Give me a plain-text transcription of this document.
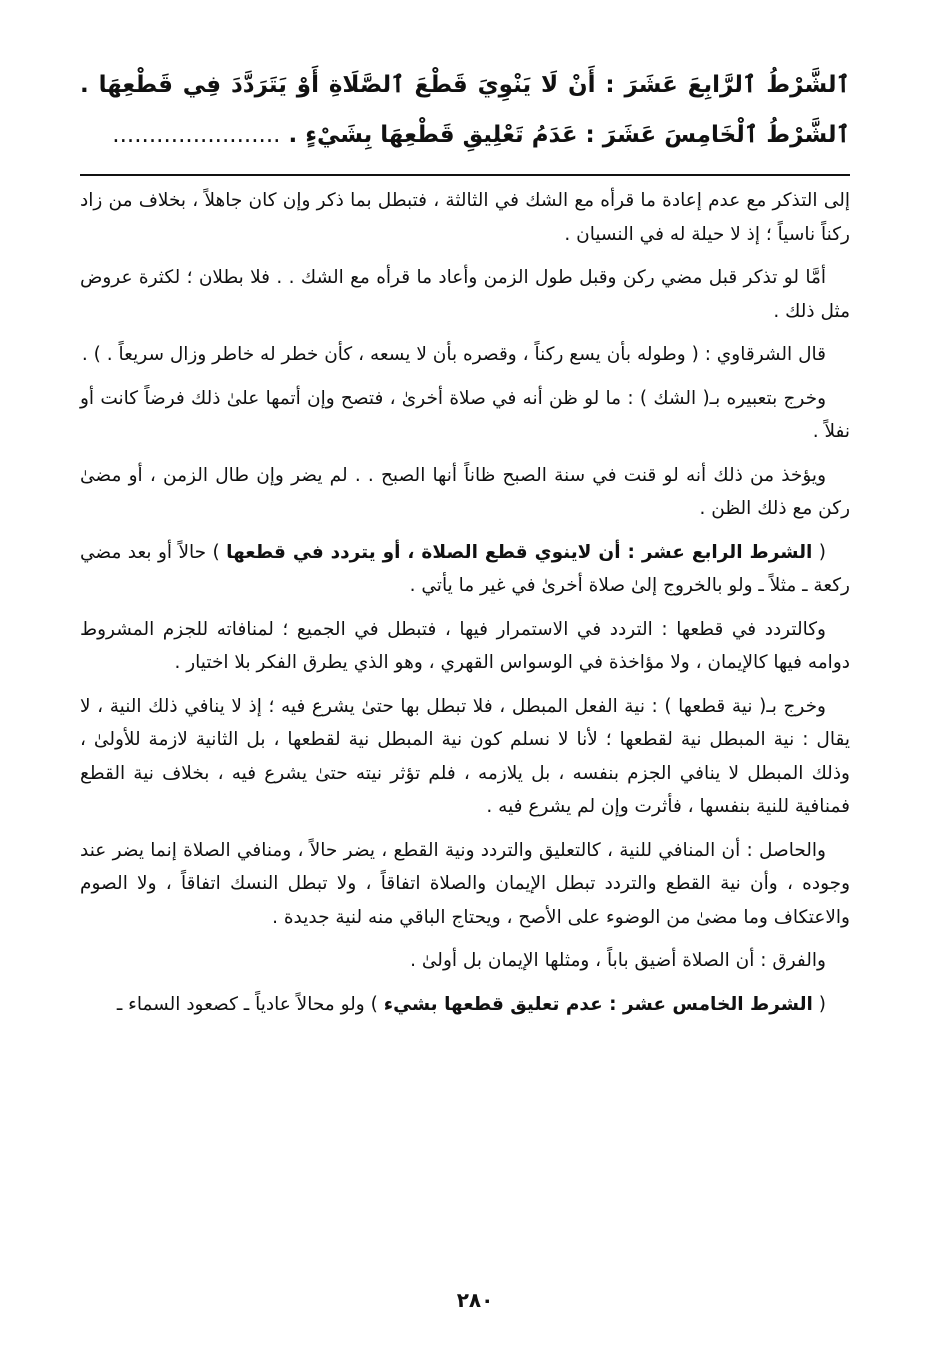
ٱلشَّرْطُ ٱلرَّابِعَ عَشَرَ : أَنْ لَا يَنْوِيَ قَطْعَ ٱلصَّلَاةِ أَوْ يَتَرَدَّدَ فِي قَطْعِهَا . ٱلشَّرْطُ ٱلْخَامِسَ عَشَرَ : عَدَمُ تَعْلِيقِ قَطْعِهَا بِشَيْءٍ . .......................

إلى التذكر مع عدم إعادة ما قرأه مع الشك في الثالثة ، فتبطل بما ذكر وإن كان جاهلاً ، بخلاف من زاد ركناً ناسياً ؛ إذ لا حيلة له في النسيان .

أمَّا لو تذكر قبل مضي ركن وقبل طول الزمن وأعاد ما قرأه مع الشك . . فلا بطلان ؛ لكثرة عروض مثل ذلك .

قال الشرقاوي : ( وطوله بأن يسع ركناً ، وقصره بأن لا يسعه ، كأن خطر له خاطر وزال سريعاً . ) .

وخرج بتعبيره بـ( الشك ) : ما لو ظن أنه في صلاة أخرىٰ ، فتصح وإن أتمها علىٰ ذلك فرضاً كانت أو نفلاً .

ويؤخذ من ذلك أنه لو قنت في سنة الصبح ظاناً أنها الصبح . . لم يضر وإن طال الزمن ، أو مضىٰ ركن مع ذلك الظن .

( الشرط الرابع عشر : أن لاينوي قطع الصلاة ، أو يتردد في قطعها ) حالاً أو بعد مضي ركعة ـ مثلاً ـ ولو بالخروج إلىٰ صلاة أخرىٰ في غير ما يأتي .

وكالتردد في قطعها : التردد في الاستمرار فيها ، فتبطل في الجميع ؛ لمنافاته للجزم المشروط دوامه فيها كالإيمان ، ولا مؤاخذة في الوسواس القهري ، وهو الذي يطرق الفكر بلا اختيار .

وخرج بـ( نية قطعها ) : نية الفعل المبطل ، فلا تبطل بها حتىٰ يشرع فيه ؛ إذ لا ينافي ذلك النية ، لا يقال : نية المبطل نية لقطعها ؛ لأنا لا نسلم كون نية المبطل نية لقطعها ، بل الثانية لازمة للأولىٰ ، وذلك المبطل لا ينافي الجزم بنفسه ، بل يلازمه ، فلم تؤثر نيته حتىٰ يشرع فيه ، بخلاف نية القطع فمنافية للنية بنفسها ، فأثرت وإن لم يشرع فيه .

والحاصل : أن المنافي للنية ، كالتعليق والتردد ونية القطع ، يضر حالاً ، ومنافي الصلاة إنما يضر عند وجوده ، وأن نية القطع والتردد تبطل الإيمان والصلاة اتفاقاً ، ولا تبطل النسك اتفاقاً ، ولا الصوم والاعتكاف وما مضىٰ من الوضوء على الأصح ، ويحتاج الباقي منه لنية جديدة .

والفرق : أن الصلاة أضيق باباً ، ومثلها الإيمان بل أولىٰ .

( الشرط الخامس عشر : عدم تعليق قطعها بشيء ) ولو محالاً عادياً ـ كصعود السماء ـ

٢٨٠
